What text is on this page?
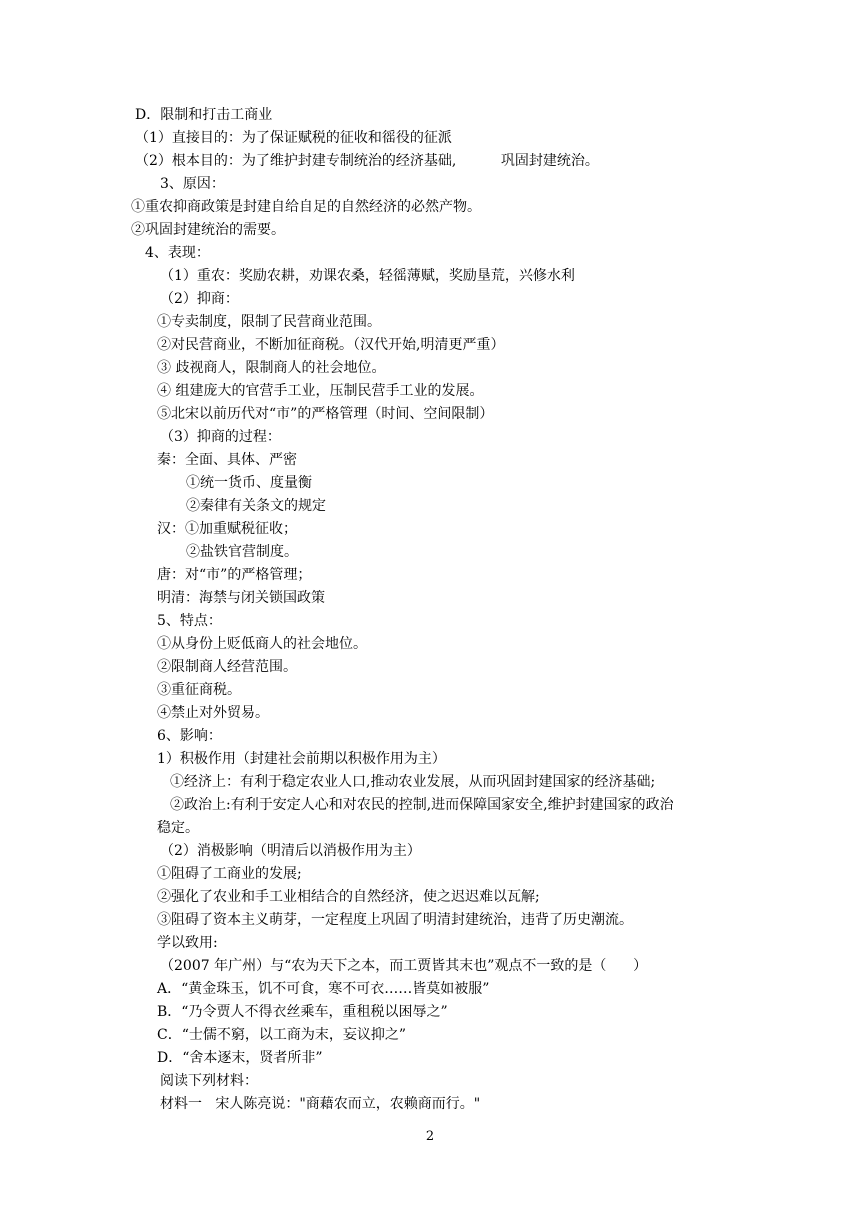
D．限制和打击工商业
（1）直接目的：为了保证赋税的征收和徭役的征派
（2）根本目的：为了维护封建专制统治的经济基础,          巩固封建统治。
3、原因：
①重农抑商政策是封建自给自足的自然经济的必然产物。
②巩固封建统治的需要。
4、表现：
（1）重农：奖励农耕，劝课农桑，轻徭薄赋，奖励垦荒，兴修水利
（2）抑商：
①专卖制度，限制了民营商业范围。
②对民营商业，不断加征商税。（汉代开始,明清更严重）
③ 歧视商人，限制商人的社会地位。
④ 组建庞大的官营手工业，压制民营手工业的发展。
⑤北宋以前历代对“市”的严格管理（时间、空间限制）
（3）抑商的过程：
秦：全面、具体、严密
①统一货币、度量衡
②秦律有关条文的规定
汉：①加重赋税征收；
②盐铁官营制度。
唐：对“市”的严格管理；
明清：海禁与闭关锁国政策
5、特点：
①从身份上贬低商人的社会地位。
②限制商人经营范围。
③重征商税。
④禁止对外贸易。
6、影响：
1）积极作用（封建社会前期以积极作用为主）
①经济上：有利于稳定农业人口,推动农业发展，从而巩固封建国家的经济基础;
②政治上:有利于安定人心和对农民的控制,进而保障国家安全,维护封建国家的政治
稳定。
（2）消极影响（明清后以消极作用为主）
①阻碍了工商业的发展;
②强化了农业和手工业相结合的自然经济，使之迟迟难以瓦解;
③阻碍了资本主义萌芽，一定程度上巩固了明清封建统治，违背了历史潮流。
学以致用:
（2007 年广州）与“农为天下之本，而工贾皆其末也”观点不一致的是（      ）
A．“黄金珠玉，饥不可食，寒不可衣……皆莫如被服”
B．“乃令贾人不得衣丝乘车，重租税以困辱之”
C．“士儒不窮，以工商为末，妄议抑之”
D．“舍本逐末，贤者所非”
阅读下列材料：
材料一   宋人陈亮说："商藉农而立，农赖商而行。"
2
